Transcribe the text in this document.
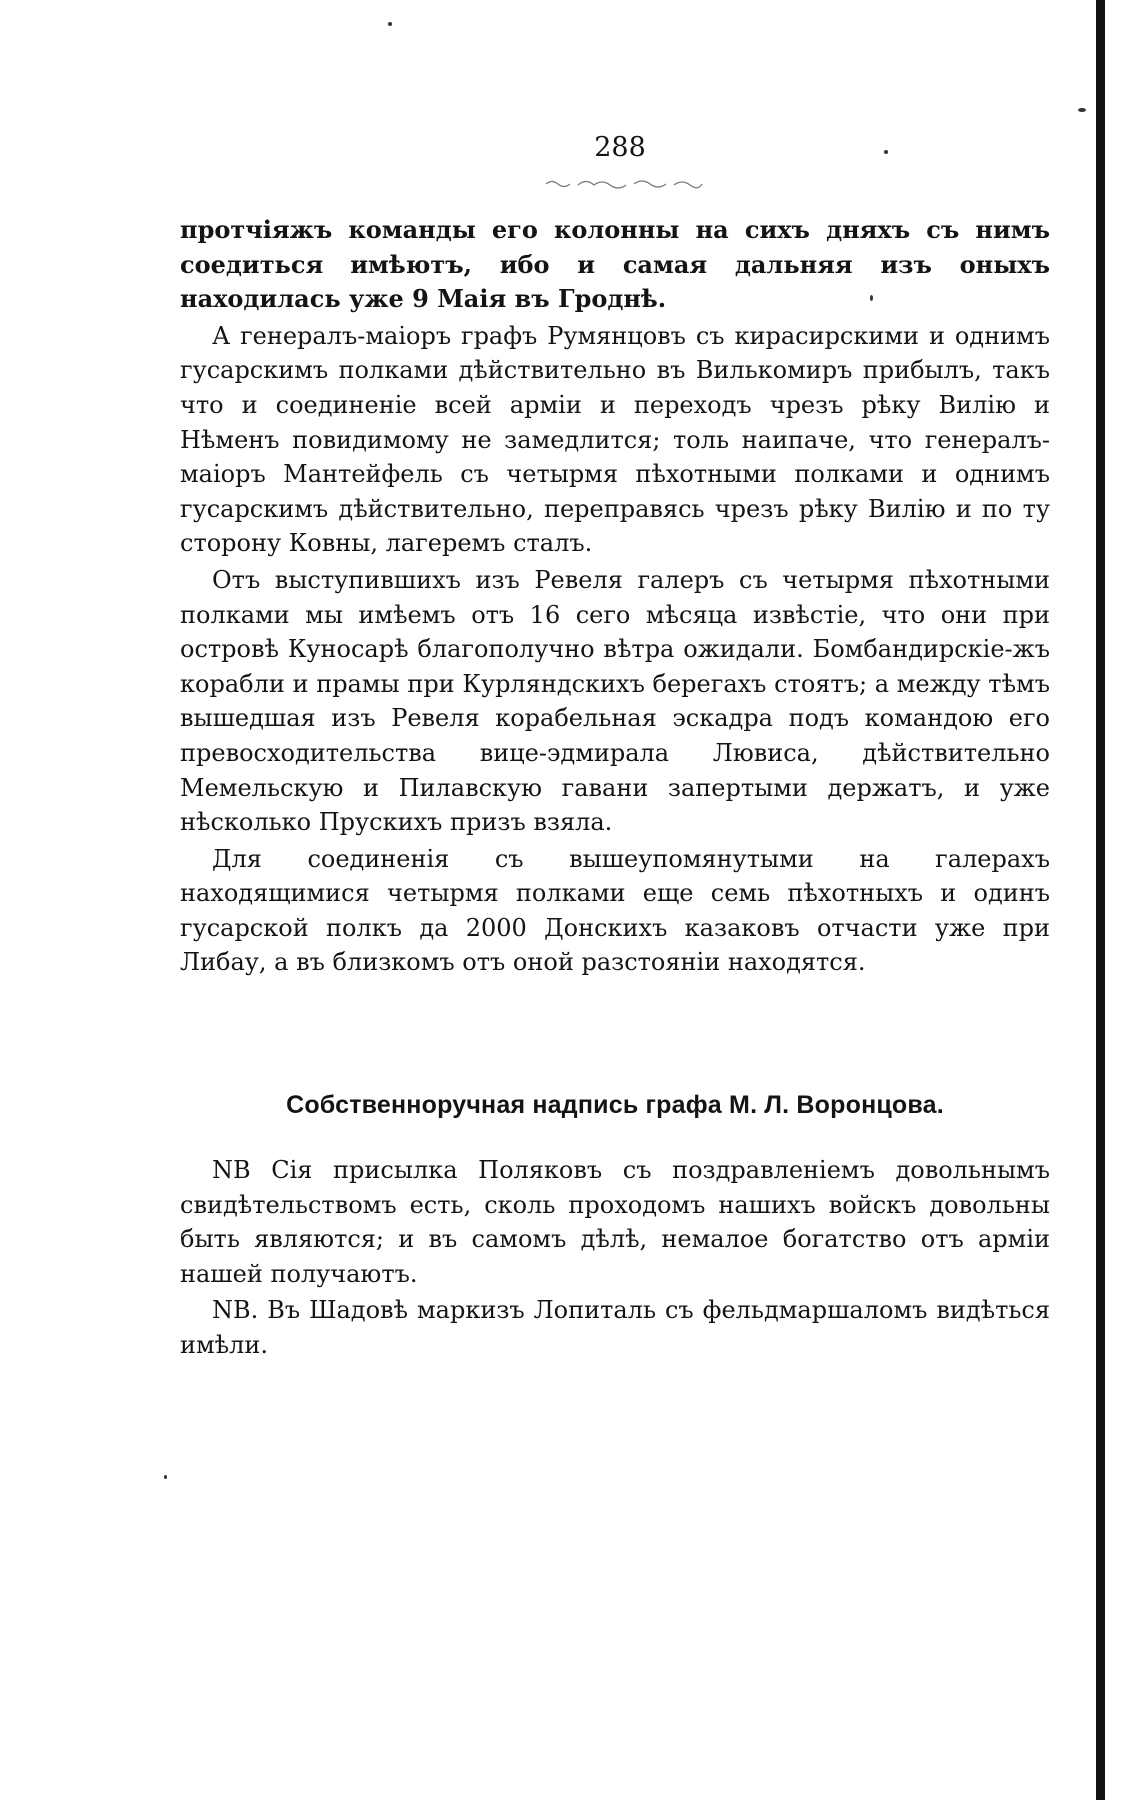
288

протчіяжъ команды его колонны на сихъ дняхъ съ нимъ соедиться имѣютъ, ибо и самая дальняя изъ оныхъ находилась уже 9 Маія въ Гроднѣ.

А генералъ-маіоръ графъ Румянцовъ съ кирасирскими и однимъ гусарскимъ полками дѣйствительно въ Вилькомиръ прибылъ, такъ что и соединеніе всей арміи и переходъ чрезъ рѣку Вилію и Нѣменъ повидимому не замедлится; толь наипаче, что генералъ-маіоръ Мантейфель съ четырмя пѣхотными полками и однимъ гусарскимъ дѣйствительно, переправясь чрезъ рѣку Вилію и по ту сторону Ковны, лагеремъ сталъ.

Отъ выступившихъ изъ Ревеля галеръ съ четырмя пѣхотными полками мы имѣемъ отъ 16 сего мѣсяца извѣстіе, что они при островѣ Куносарѣ благополучно вѣтра ожидали. Бомбандирскіе-жъ корабли и прамы при Курляндскихъ берегахъ стоятъ; а между тѣмъ вышедшая изъ Ревеля корабельная эскадра подъ командою его превосходительства вице-эдмирала Лювиса, дѣйствительно Мемельскую и Пилавскую гавани запертыми держатъ, и уже нѣсколько Прускихъ призъ взяла.

Для соединенія съ вышеупомянутыми на галерахъ находящимися четырмя полками еще семь пѣхотныхъ и одинъ гусарской полкъ да 2000 Донскихъ казаковъ отчасти уже при Либау, а въ близкомъ отъ оной разстояніи находятся.

Собственноручная надпись графа М. Л. Воронцова.

NB Сія присылка Поляковъ съ поздравленіемъ довольнымъ свидѣтельствомъ есть, сколь проходомъ нашихъ войскъ довольны быть являются; и въ самомъ дѣлѣ, немалое богатство отъ арміи нашей получаютъ.

NB. Въ Шадовѣ маркизъ Лопиталь съ фельдмаршаломъ видѣться имѣли.
